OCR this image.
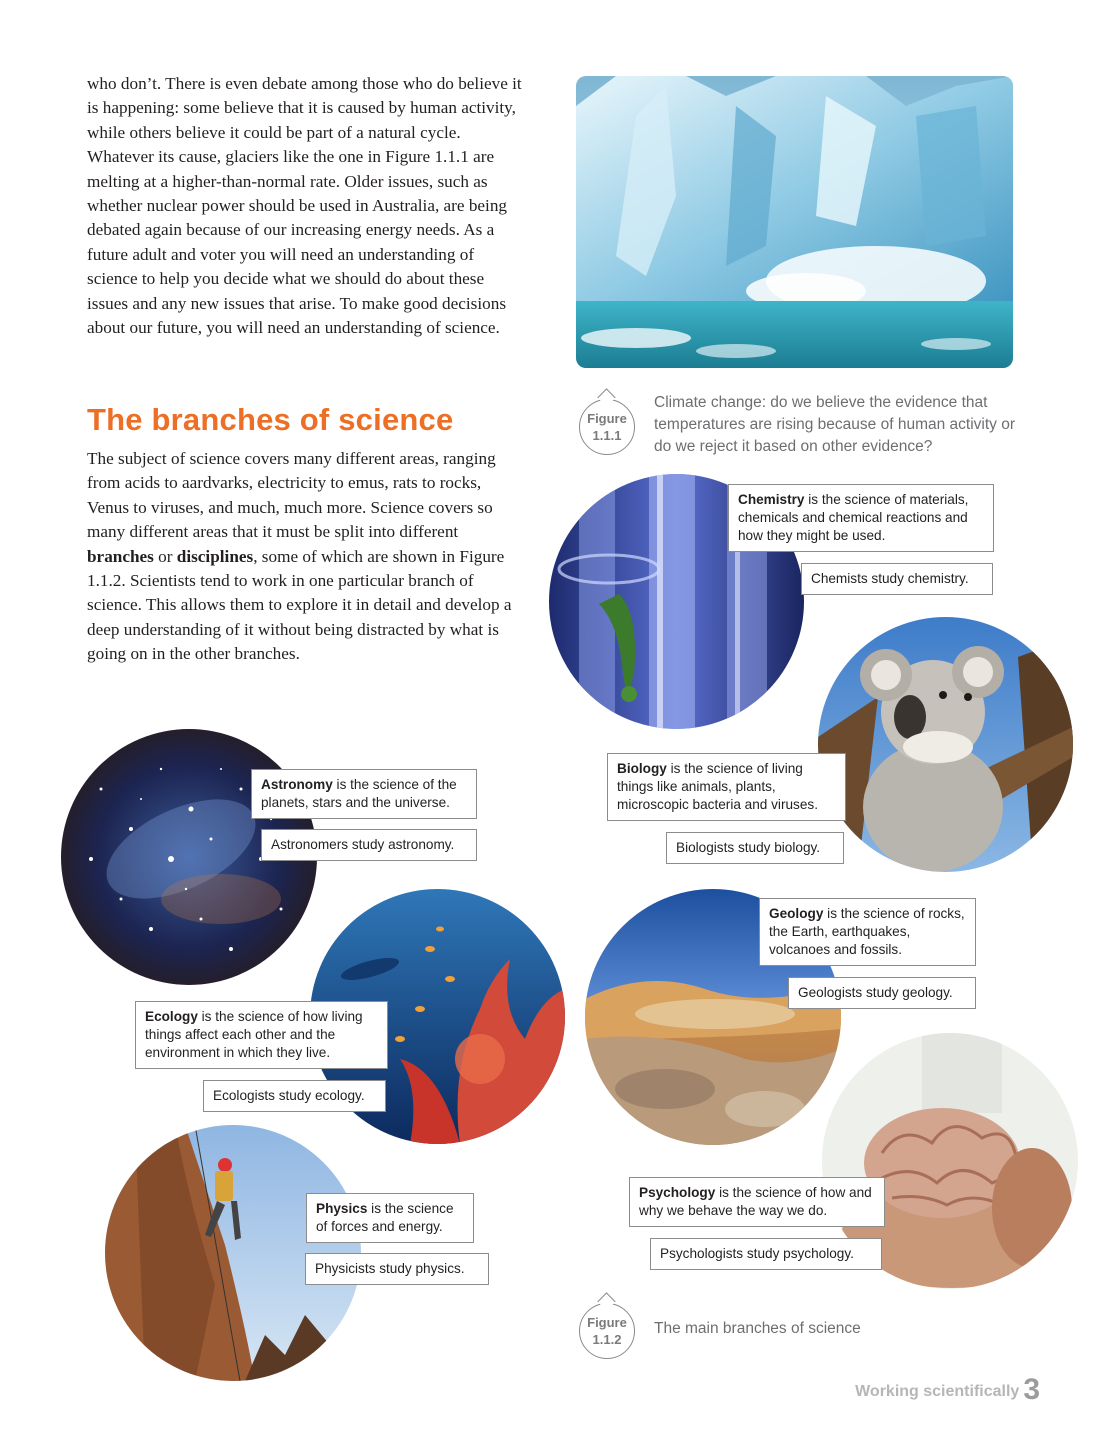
who don’t. There is even debate among those who do believe it is happening: some believe that it is caused by human activity, while others believe it could be part of a natural cycle. Whatever its cause, glaciers like the one in Figure 1.1.1 are melting at a higher-than-normal rate. Older issues, such as whether nuclear power should be used in Australia, are being debated again because of our increasing energy needs. As a future adult and voter you will need an understanding of science to help you decide what we should do about these issues and any new issues that arise. To make good decisions about our future, you will need an understanding of science.
Figure
1.1.1
Climate change: do we believe the evidence that temperatures are rising because of human activity or do we reject it based on other evidence?
The branches of science
The subject of science covers many different areas, ranging from acids to aardvarks, electricity to emus, rats to rocks, Venus to viruses, and much, much more. Science covers so many different areas that it must be split into different branches or disciplines, some of which are shown in Figure 1.1.2. Scientists tend to work in one particular branch of science. This allows them to explore it in detail and develop a deep understanding of it without being distracted by what is going on in the other branches.
Chemistry is the science of materials, chemicals and chemical reactions and how they might be used.
Chemists study chemistry.
Biology is the science of living things like animals, plants, microscopic bacteria and viruses.
Biologists study biology.
Astronomy is the science of the planets, stars and the universe.
Astronomers study astronomy.
Ecology is the science of how living things affect each other and the environment in which they live.
Ecologists study ecology.
Geology is the science of rocks, the Earth, earthquakes, volcanoes and fossils.
Geologists study geology.
Physics is the science of forces and energy.
Physicists study physics.
Psychology is the science of how and why we behave the way we do.
Psychologists study psychology.
Figure
1.1.2
The main branches of science
Working scientifically 3
